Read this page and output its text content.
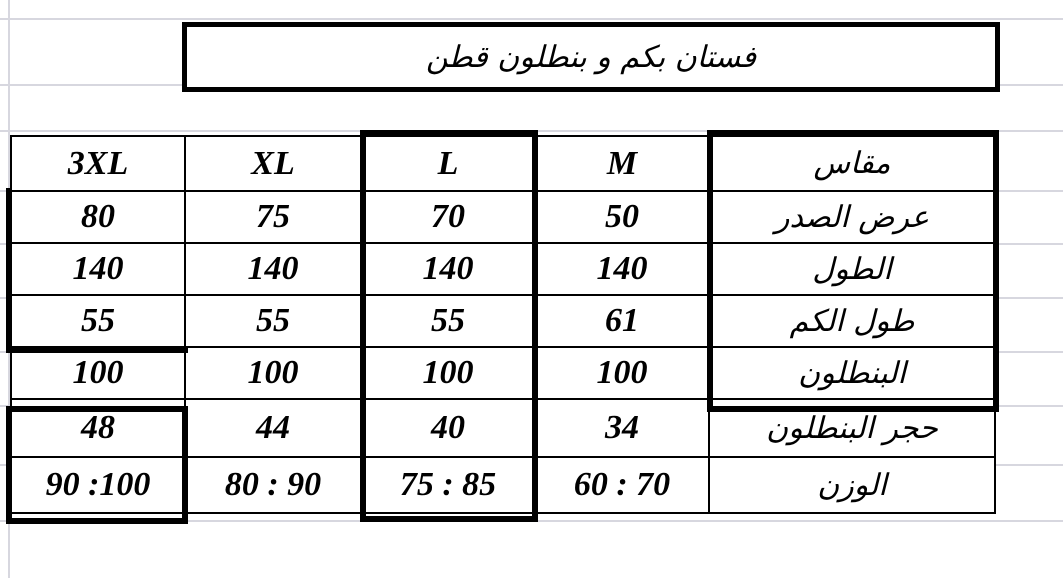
فستان بكم و بنطلون قطن
3XL	XL	L	M	مقاس
80	75	70	50	عرض الصدر
140	140	140	140	الطول
55	55	55	61	طول الكم
100	100	100	100	البنطلون
48	44	40	34	حجر البنطلون
90 :100	80 : 90	75 : 85	60 : 70	الوزن
